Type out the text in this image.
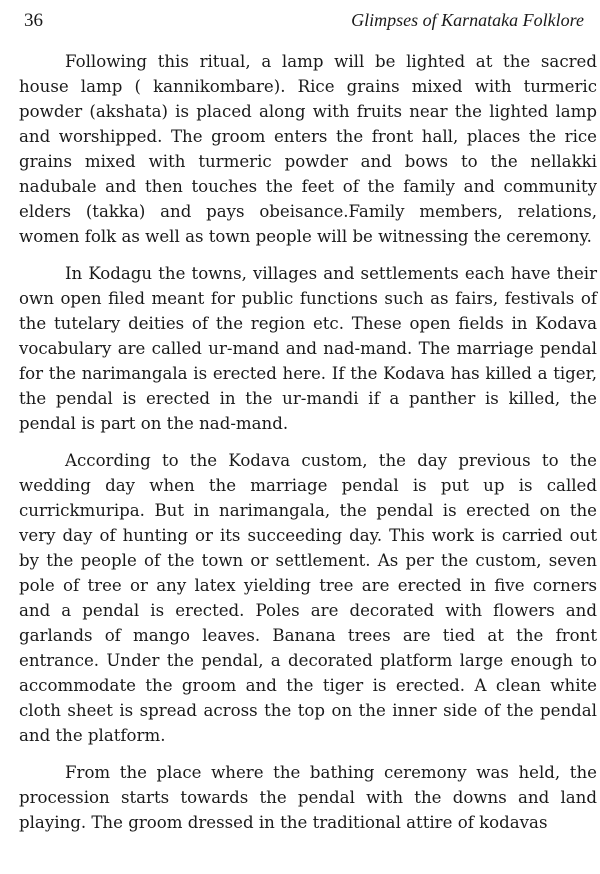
36	Glimpses of Karnataka Folklore

Following this ritual, a lamp will be lighted at the sacred house lamp ( kannikombare). Rice grains mixed with turmeric powder (akshata) is placed along with fruits near the lighted lamp and worshipped. The groom enters the front hall, places the rice grains mixed with turmeric powder and bows to the nellakki nadubale and then touches the feet of the family and community elders (takka) and pays obeisance.Family members, relations, women folk as well as town people will be witnessing the ceremony.

In Kodagu the towns, villages and settlements each have their own open filed meant for public functions such as fairs, festivals of the tutelary deities of the region etc. These open fields in Kodava vocabulary are called ur-mand and nad-mand. The marriage pendal for the narimangala is erected here. If the Kodava has killed a tiger, the pendal is erected in the ur-mandi if a panther is killed, the pendal is part on the nad-mand.

According to the Kodava custom, the day previous to the wedding day when the marriage pendal is put up is called currickmuripa. But in narimangala, the pendal is erected on the very day of hunting or its succeeding day. This work is carried out by the people of the town or settlement. As per the custom, seven pole of tree or any latex yielding tree are erected in five corners and a pendal is erected. Poles are decorated with flowers and garlands of mango leaves. Banana trees are tied at the front entrance. Under the pendal, a decorated platform large enough to accommodate the groom and the tiger is erected. A clean white cloth sheet is spread across the top on the inner side of the pendal and the platform.

From the place where the bathing ceremony was held, the procession starts towards the pendal with the downs and land playing. The groom dressed in the traditional attire of kodavas
